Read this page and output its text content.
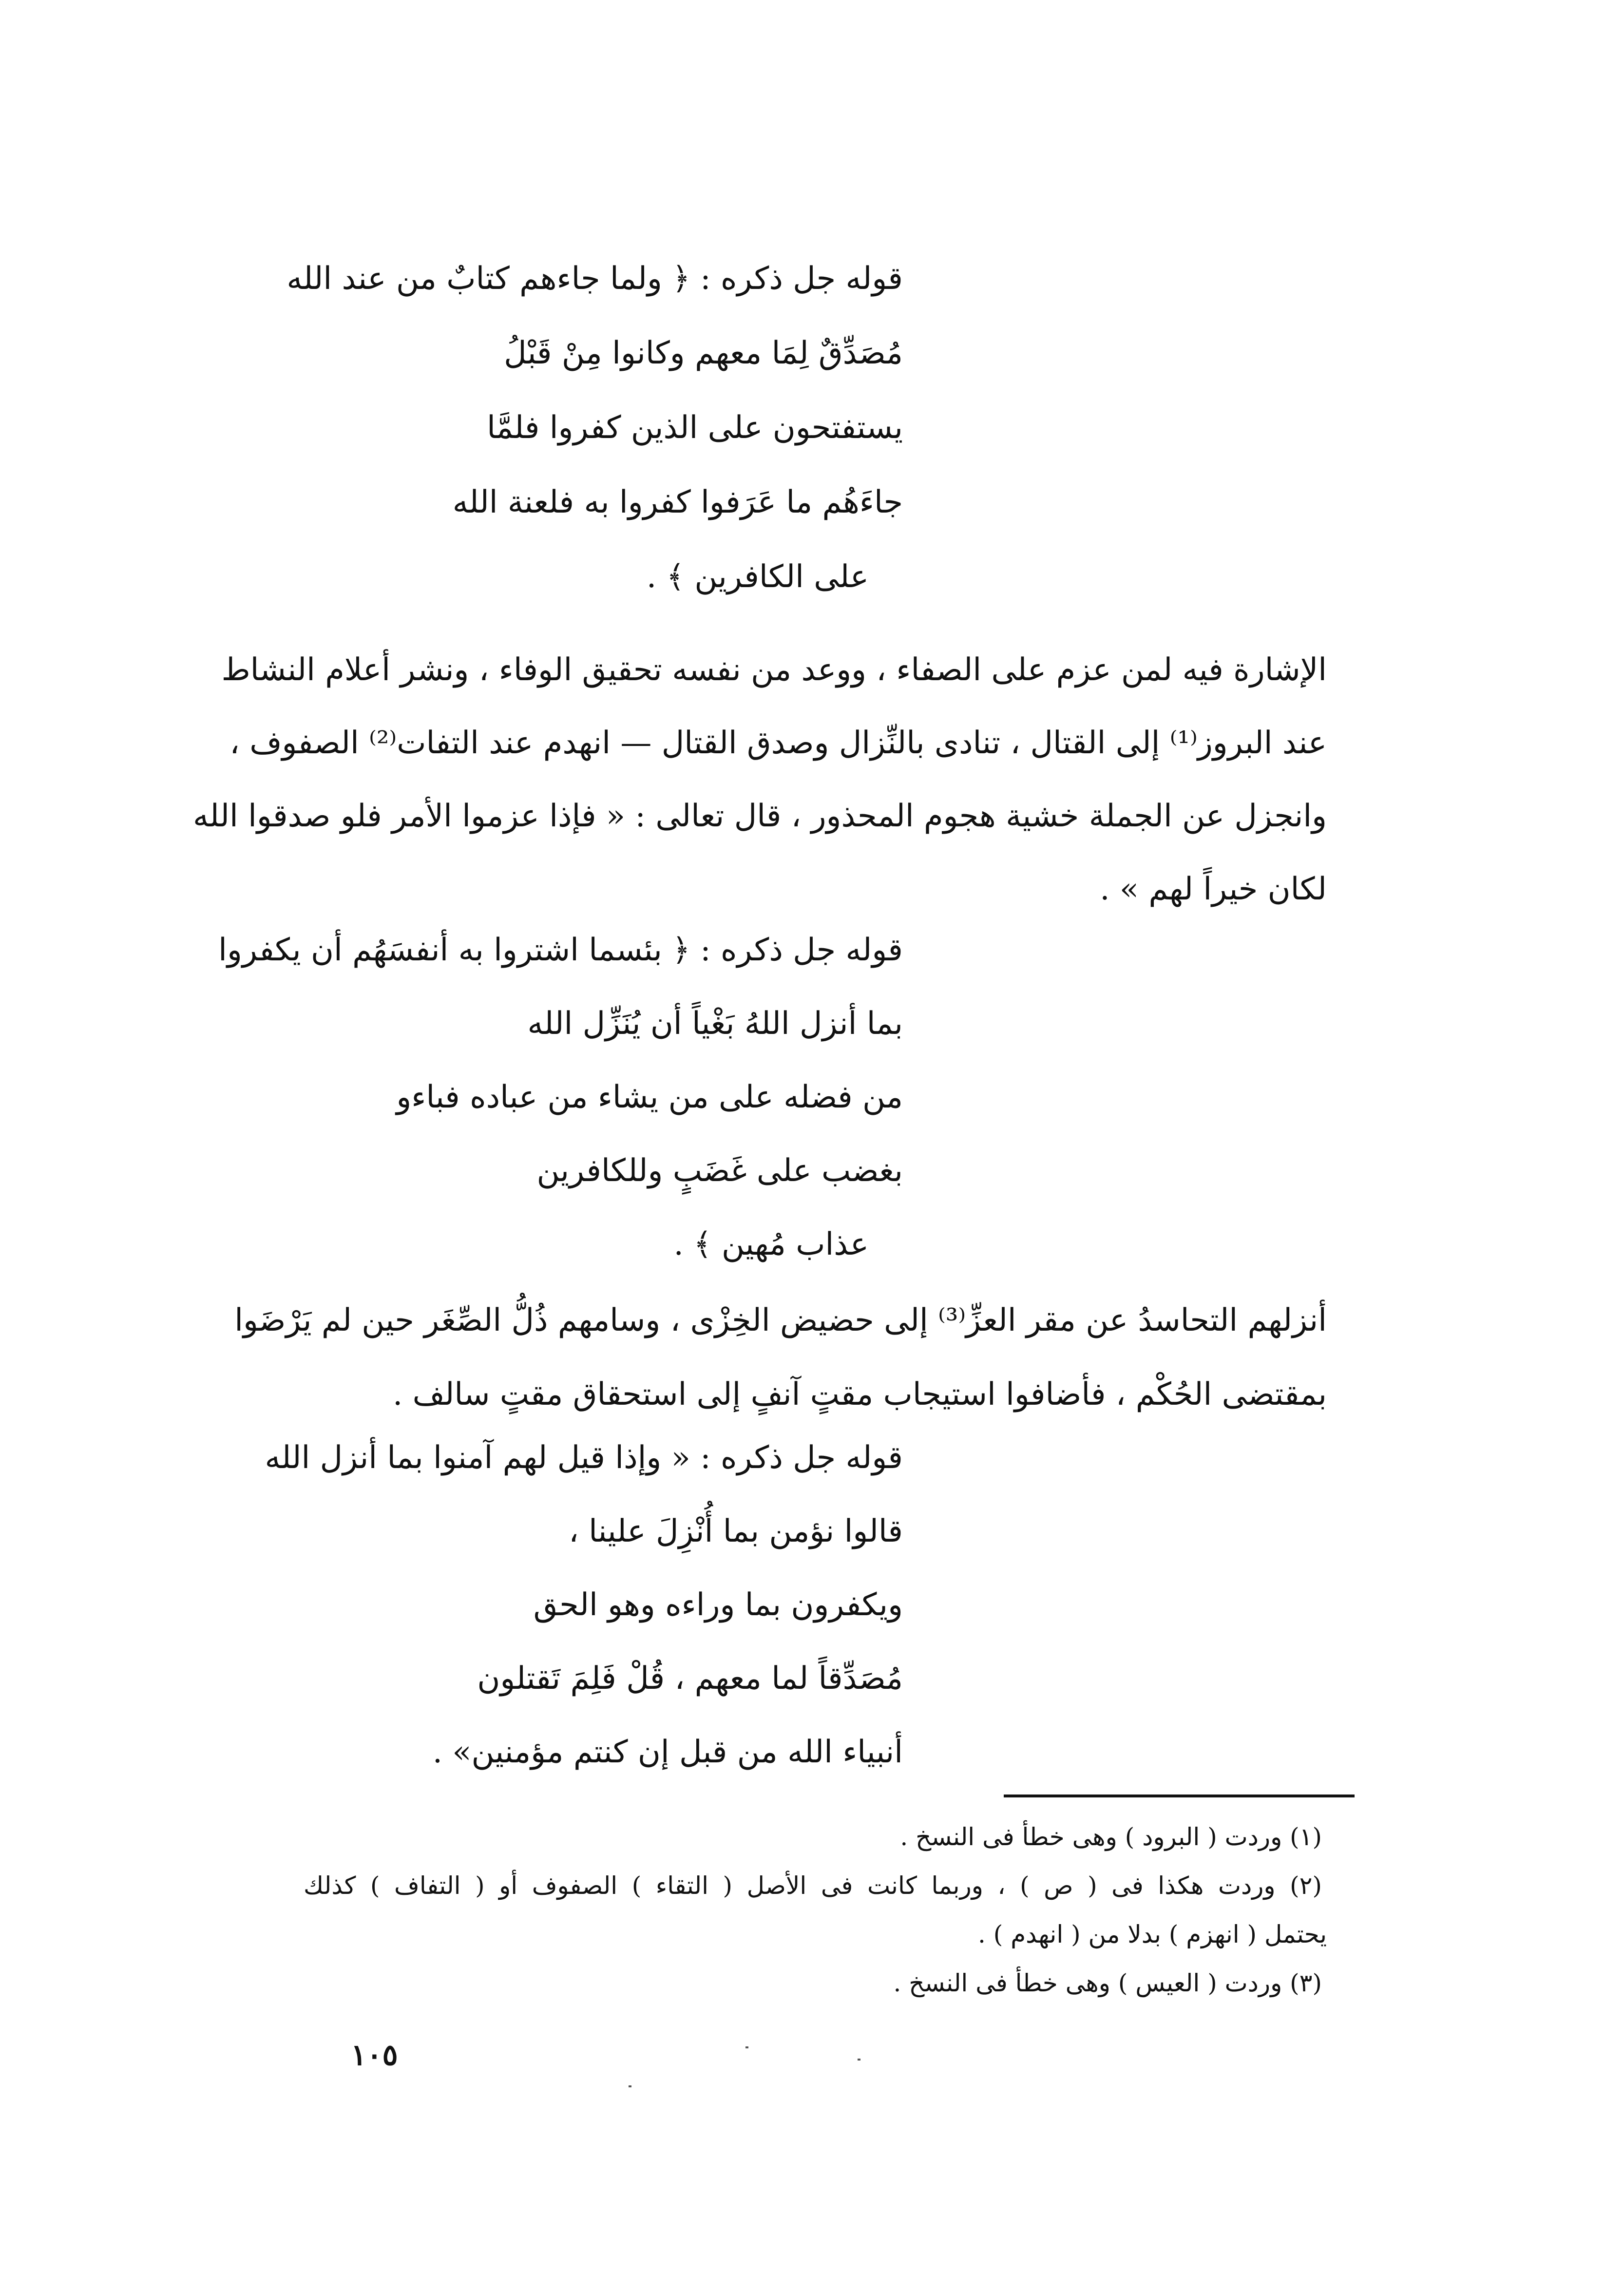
قوله جل ذكره : ﴿ ولما جاءهم كتابٌ من عند الله
مُصَدِّقٌ لِمَا معهم وكانوا مِنْ قَبْلُ
يستفتحون على الذين كفروا فلمَّا
جاءَهُم ما عَرَفوا كفروا به فلعنة الله
على الكافرين ﴾ .
الإشارة فيه لمن عزم على الصفاء ، ووعد من نفسه تحقيق الوفاء ، ونشر أعلام النشاط
عند البروز⁽¹⁾ إلى القتال ، تنادى بالنِّزال وصدق القتال — انهدم عند التفات⁽²⁾ الصفوف ،
وانجزل عن الجملة خشية هجوم المحذور ، قال تعالى : « فإذا عزموا الأمر فلو صدقوا الله
لكان خيراً لهم » .
قوله جل ذكره : ﴿ بئسما اشتروا به أنفسَهُم أن يكفروا
بما أنزل اللهُ بَغْياً أن يُنَزِّل الله
من فضله على من يشاء من عباده فباءو
بغضب على غَضَبٍ وللكافرين
عذاب مُهين ﴾ .
أنزلهم التحاسدُ عن مقر العزِّ⁽³⁾ إلى حضيض الخِزْى ، وسامهم ذُلُّ الصِّغَر حين لم يَرْضَوا
بمقتضى الحُكْم ، فأضافوا استيجاب مقتٍ آنفٍ إلى استحقاق مقتٍ سالف .
قوله جل ذكره : « وإذا قيل لهم آمنوا بما أنزل الله
قالوا نؤمن بما أُنْزِلَ علينا ،
ويكفرون بما وراءه وهو الحق
مُصَدِّقاً لما معهم ، قُلْ فَلِمَ تَقتلون
أنبياء الله من قبل إن كنتم مؤمنين» .
(١) وردت ( البرود ) وهى خطأ فى النسخ .
(٢) وردت هكذا فى ( ص ) ، وربما كانت فى الأصل ( التقاء ) الصفوف أو ( التفاف ) كذلك
يحتمل ( انهزم ) بدلا من ( انهدم ) .
(٣) وردت ( العيس ) وهى خطأ فى النسخ .
١٠٥
